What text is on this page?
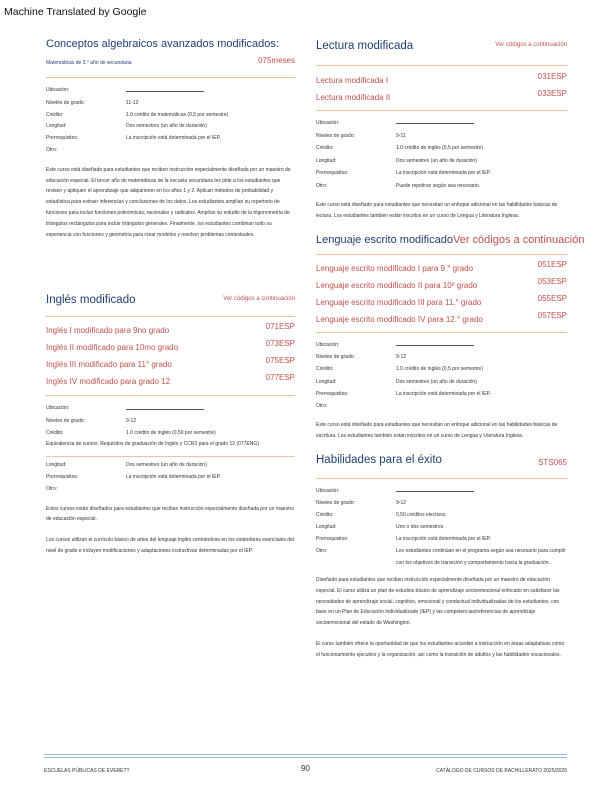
Machine Translated by Google
Conceptos algebraicos avanzados modificados:
Matemáticas de 3.° año de secundaria	075meses
Ubicación:
Niveles de grado:	11-12
Crédito:	1.0 crédito de matemáticas (0,5 por semestre)
Longitud:	Dos semestres (un año de duración)
Prerrequisitos:	La inscripción está determinada por el IEP.
Otro:

Este curso está diseñado para estudiantes que reciben instrucción especialmente diseñada por un maestro de educación especial. El tercer año de matemáticas de la escuela secundaria les pide a los estudiantes que revisen y apliquen el aprendizaje que adquirieron en los años 1 y 2. Aplican métodos de probabilidad y estadística para extraer inferencias y conclusiones de los datos. Los estudiantes amplían su repertorio de funciones para incluir funciones polinómicas, racionales y radicales. Amplían su estudio de la trigonometría de triángulos rectángulos para incluir triángulos generales. Finalmente, los estudiantes combinan todo su experiencia con funciones y geometría para crear modelos y resolver problemas contextuales.

Inglés modificado	Ver códigos a continuación
Inglés I modificado para 9no grado	071ESP
Inglés II modificado para 10mo grado	073ESP
Inglés III modificado para 11° grado	075ESP
Inglés IV modificado para grado 12	077ESP
Ubicación:
Niveles de grado:	9-12
Crédito:	1.0 crédito de inglés (0,50 por semestre)
Equivalencia de cursos: Requisitos de graduación de Inglés y CCR3 para el grado 12 (077ENG)
Longitud:	Dos semestres (un año de duración)
Prerrequisitos:	La inscripción está determinada por el IEP.
Otro:

Estos cursos están diseñados para estudiantes que reciben instrucción especialmente diseñada por un maestro de educación especial.

Los cursos utilizan el currículo básico de artes del lenguaje inglés centrándose en los estándares esenciales del nivel de grado e incluyen modificaciones y adaptaciones instructivas determinadas por el IEP.

Lectura modificada	Ver códigos a continuación
Lectura modificada I	031ESP
Lectura modificada II	033ESP
Ubicación:
Niveles de grado:	9-11
Crédito:	1.0 crédito de inglés (0,5 por semestre)
Longitud:	Dos semestres (un año de duración)
Prerrequisitos:	La inscripción está determinada por el IEP.
Otro:	Puede repetirse según sea necesario.

Este curso está diseñado para estudiantes que necesitan un enfoque adicional en las habilidades básicas de lectura. Los estudiantes también están inscritos en un curso de Lengua y Literatura Inglesa.

Lenguaje escrito modificadoVer códigos a continuación
Lenguaje escrito modificado I para 9.° grado	051ESP
Lenguaje escrito modificado II para 10º grado	053ESP
Lenguaje escrito modificado III para 11.° grado	055ESP
Lenguaje escrito modificado IV para 12.° grado	057ESP
Ubicación:
Niveles de grado:	9-12
Crédito:	1.0 crédito de inglés (0,5 por semestre)
Longitud:	Dos semestres (un año de duración)
Prerrequisitos:	La inscripción está determinada por el IEP.
Otro:

Este curso está diseñado para estudiantes que necesitan un enfoque adicional en las habilidades básicas de escritura. Los estudiantes también están inscritos en un curso de Lengua y Literatura Inglesa.

Habilidades para el éxito	STS065
Ubicación:
Niveles de grado:	9-12
Crédito:	0,50 créditos electivos
Longitud:	Uno o dos semestres
Prerrequisitos:	La inscripción está determinada por el IEP.
Otro:	Los estudiantes continúan en el programa según sea necesario para cumplir con los objetivos de transición y comportamiento hacia la graduación.

Diseñado para estudiantes que reciben instrucción especialmente diseñada por un maestro de educación especial. El curso utiliza un plan de estudios básico de aprendizaje socioemocional enfocado en satisfacer las necesidades de aprendizaje social, cognitivo, emocional y conductual individualizadas de los estudiantes, con base en un Plan de Educación Individualizado (IEP) y las competencias/referencias de aprendizaje socioemocional del estado de Washington.

El curso también ofrece la oportunidad de que los estudiantes accedan a instrucción en áreas adaptativas como el funcionamiento ejecutivo y la organización, así como la transición de adultos y las habilidades vocacionales.

ESCUELAS PÚBLICAS DE EVERETT	90	CATÁLOGO DE CURSOS DE BACHILLERATO 2025/2026
